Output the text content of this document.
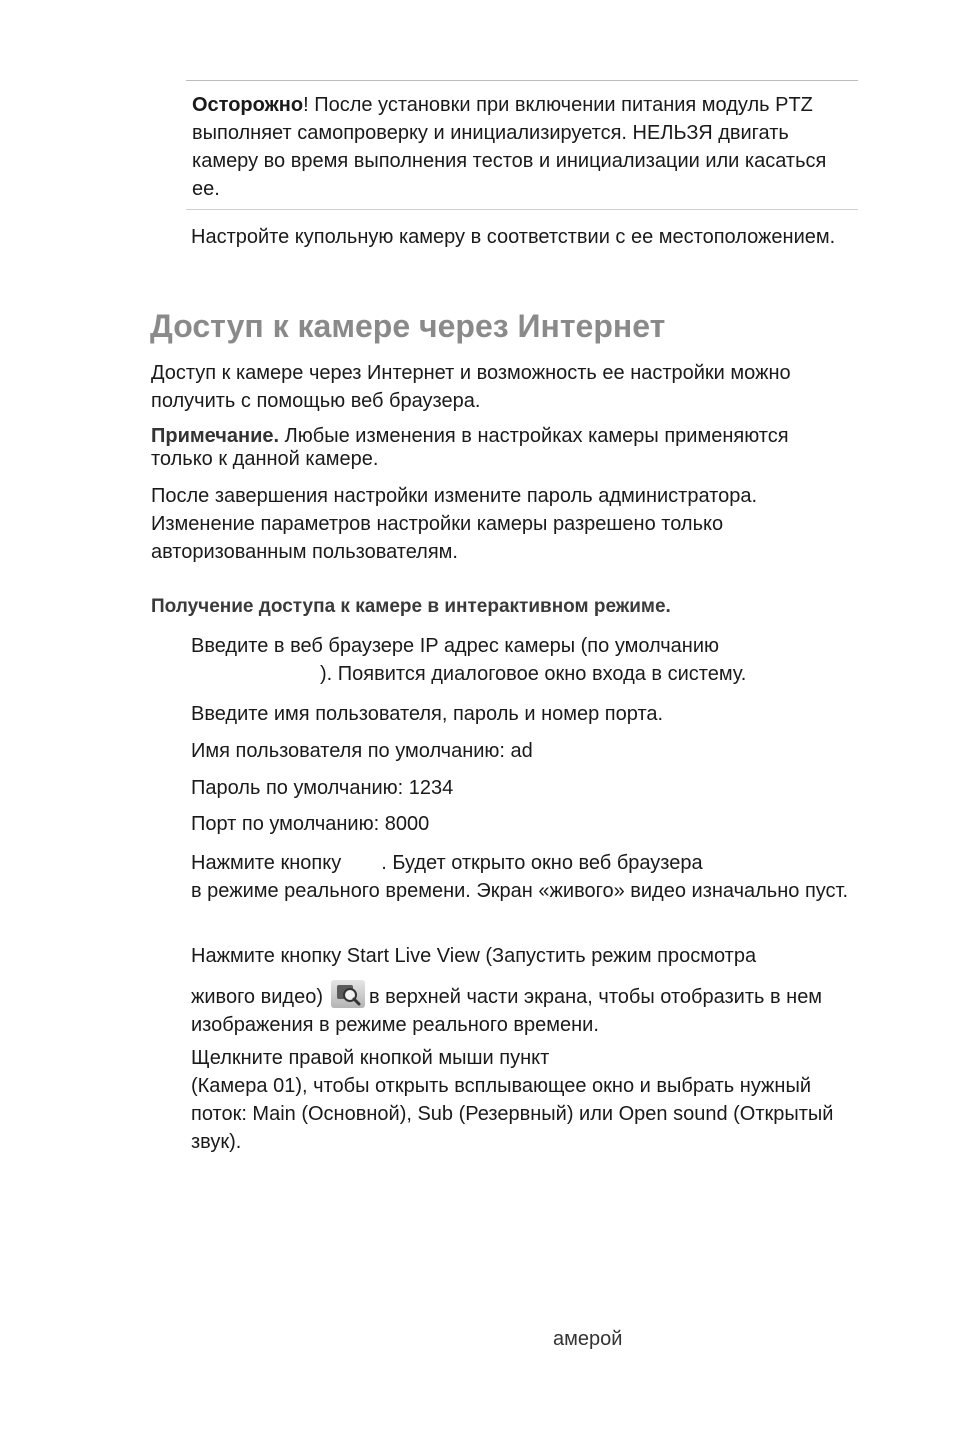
Осторожно! После установки при включении питания модуль PTZ выполняет самопроверку и инициализируется. НЕЛЬЗЯ двигать камеру во время выполнения тестов и инициализации или касаться ее.

Настройте купольную камеру в соответствии с ее местоположением.

Доступ к камере через Интернет

Доступ к камере через Интернет и возможность ее настройки можно получить с помощью веб браузера.

Примечание. Любые изменения в настройках камеры применяются только к данной камере.

После завершения настройки измените пароль администратора. Изменение параметров настройки камеры разрешено только авторизованным пользователям.

Получение доступа к камере в интерактивном режиме.

Введите в веб браузере IP адрес камеры (по умолчанию

). Появится диалоговое окно входа в систему.

Введите имя пользователя, пароль и номер порта.

Имя пользователя по умолчанию: ad

Пароль по умолчанию: 1234

Порт по умолчанию: 8000

Нажмите кнопку . Будет открыто окно веб браузера
в режиме реального времени. Экран «живого» видео изначально пуст.

Нажмите кнопку Start Live View (Запустить режим просмотра

живого видео) в верхней части экрана, чтобы отобразить в нем изображения в режиме реального времени.

Щелкните правой кнопкой мыши пункт

(Камера 01), чтобы открыть всплывающее окно и выбрать нужный поток: Main (Основной), Sub (Резервный) или Open sound (Открытый звук).

амерой
